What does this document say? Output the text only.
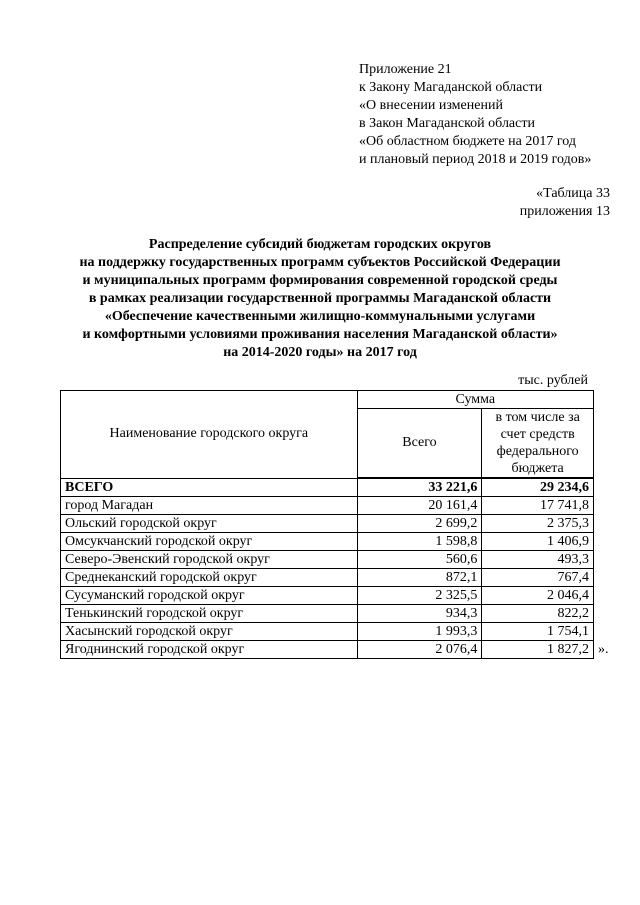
Приложение 21
к Закону Магаданской области
«О внесении изменений
в Закон Магаданской области
«Об областном бюджете на 2017 год
и плановый период 2018 и 2019 годов»
«Таблица 33
приложения 13
Распределение субсидий бюджетам городских округов
на поддержку государственных программ субъектов Российской Федерации
и муниципальных программ формирования современной городской среды
в рамках реализации государственной программы Магаданской области
«Обеспечение качественными жилищно-коммунальными услугами
и комфортными условиями проживания населения Магаданской области»
на 2014-2020 годы» на 2017 год
тыс. рублей
Наименование городского округа	Сумма	
	Всего	в том числе за счет средств федерального бюджета
ВСЕГО	33 221,6	29 234,6
город Магадан	20 161,4	17 741,8
Ольский городской округ	2 699,2	2 375,3
Омсукчанский городской округ	1 598,8	1 406,9
Северо-Эвенский городской округ	560,6	493,3
Среднеканский городской округ	872,1	767,4
Сусуманский городской округ	2 325,5	2 046,4
Тенькинский городской округ	934,3	822,2
Хасынский городской округ	1 993,3	1 754,1
Ягоднинский городской округ	2 076,4	1 827,2 ».
